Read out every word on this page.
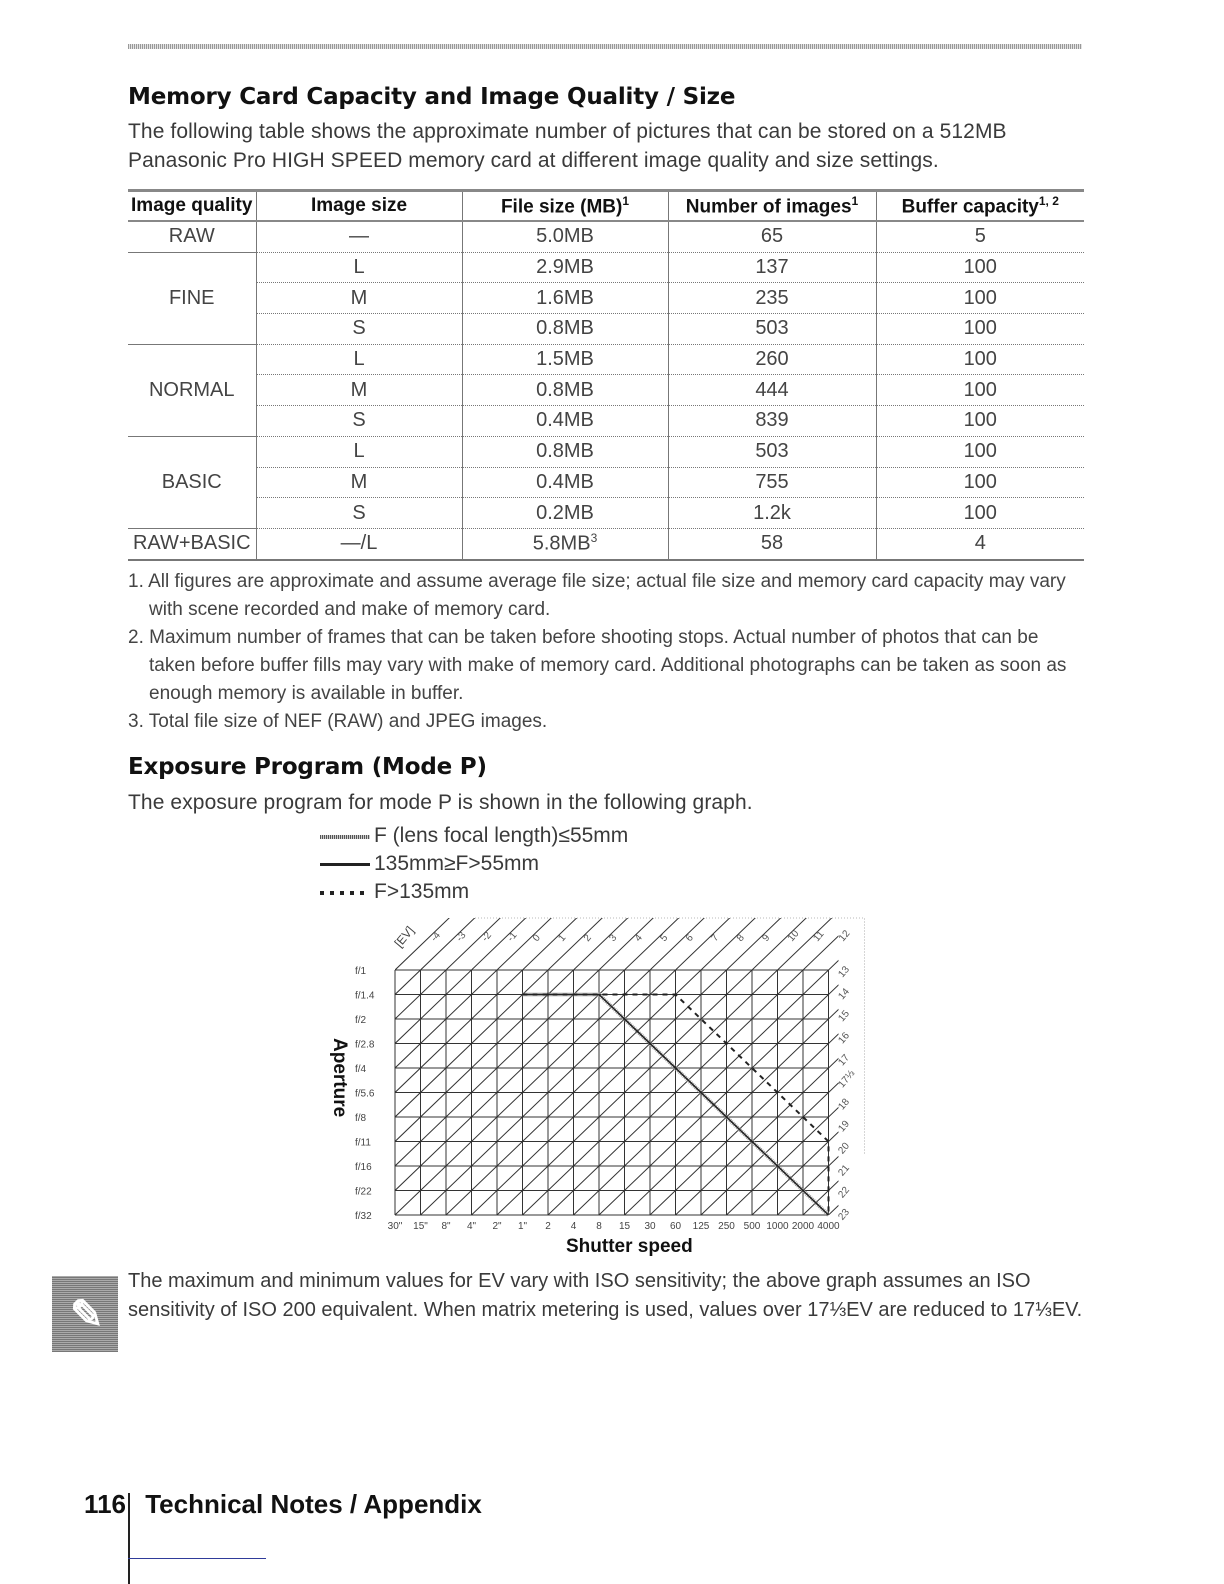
Memory Card Capacity and Image Quality / Size

The following table shows the approximate number of pictures that can be stored on a 512MB Panasonic Pro HIGH SPEED memory card at different image quality and size settings.

Image quality	Image size	File size (MB)$^1$	Number of images$^1$	Buffer capacity$^{1, 2}$
RAW	—	5.0MB	65	5
FINE	L	2.9MB	137	100
	M	1.6MB	235	100
	S	0.8MB	503	100
NORMAL	L	1.5MB	260	100
	M	0.8MB	444	100
	S	0.4MB	839	100
BASIC	L	0.8MB	503	100
	M	0.4MB	755	100
	S	0.2MB	1.2k	100
RAW+BASIC	—/L	$5.8MB^3$	58	4
1. All figures are approximate and assume average file size; actual file size and memory card capacity may vary with scene recorded and make of memory card.
2. Maximum number of frames that can be taken before shooting stops. Actual number of photos that can be taken before buffer fills may vary with make of memory card. Additional photographs can be taken as soon as enough memory is available in buffer.
3. Total file size of NEF (RAW) and JPEG images.
Exposure Program (Mode P)

The exposure program for mode P is shown in the following graph.

F (lens focal length)≤55mm
135mm≥F>55mm
F>135mm
f/1
f/1.4
f/2
f/2.8
f/4
f/5.6
f/8
f/11
f/16
f/22
f/32
30" 15" 8" 4" 2" 1" 2 4 8 15 30 60 125 250 500 1000 2000 4000
[EV] -4 -3 -2 -1 0 1 2 3 4 5 6 7 8 9 10 11 12
13
14
15
16
17
17⅓
18
19
20
21
22
23
Aperture
Shutter speed
✎
The maximum and minimum values for EV vary with ISO sensitivity; the above graph assumes an ISO sensitivity of ISO 200 equivalent. When matrix metering is used, values over 17⅓EV are reduced to 17⅓EV.
116 Technical Notes / Appendix
